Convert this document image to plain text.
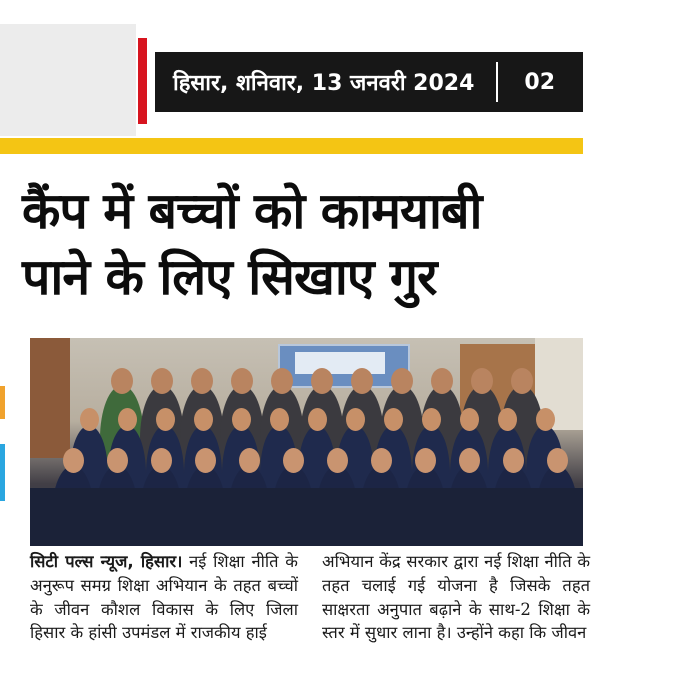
हिसार, शनिवार, 13 जनवरी 2024 02
कैंप में बच्चों को कामयाबी
पाने के लिए सिखाए गुर

सिटी पल्स न्यूज, हिसार। नई शिक्षा नीति के अनुरूप समग्र शिक्षा अभियान के तहत बच्चों के जीवन कौशल विकास के लिए जिला हिसार के हांसी उपमंडल में राजकीय हाई

अभियान केंद्र सरकार द्वारा नई शिक्षा नीति के तहत चलाई गई योजना है जिसके तहत साक्षरता अनुपात बढ़ाने के साथ-2 शिक्षा के स्तर में सुधार लाना है। उन्होंने कहा कि जीवन
